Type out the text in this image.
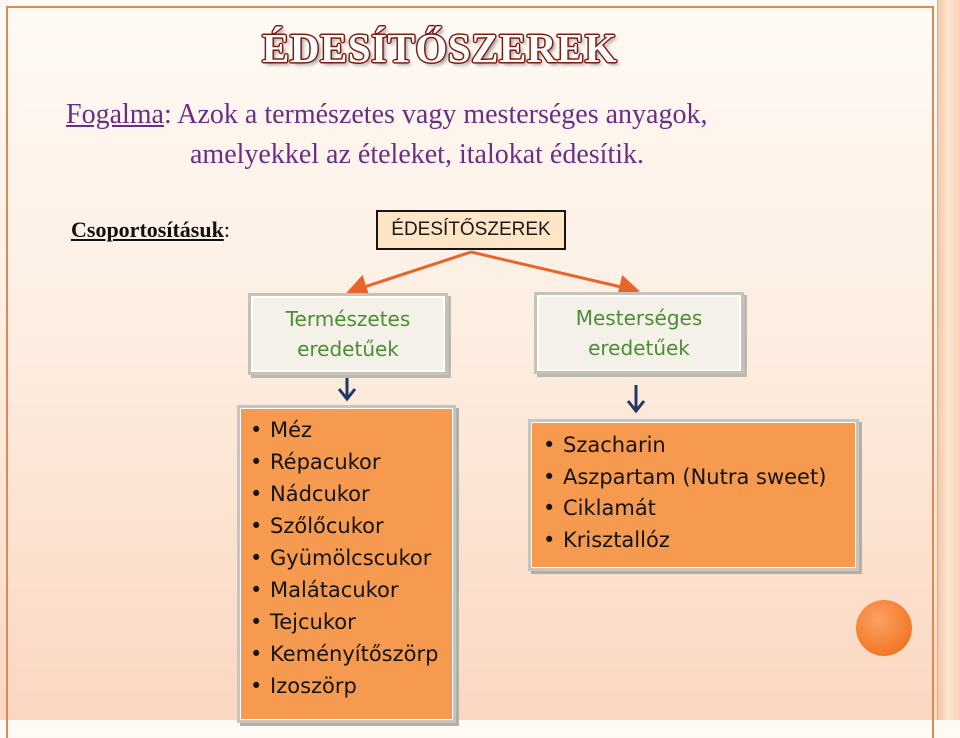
ÉDESÍTŐSZEREK
Fogalma: Azok a természetes vagy mesterséges anyagok,
amelyekkel az ételeket, italokat édesítik.
Csoportosításuk:	ÉDESÍTŐSZEREK
Természetes
eredetűek
Mesterséges
eredetűek
• Méz
• Répacukor
• Nádcukor
• Szőlőcukor
• Gyümölcscukor
• Malátacukor
• Tejcukor
• Keményítőszörp
• Izoszörp
• Szacharin
• Aszpartam (Nutra sweet)
• Ciklamát
• Krisztallóz
